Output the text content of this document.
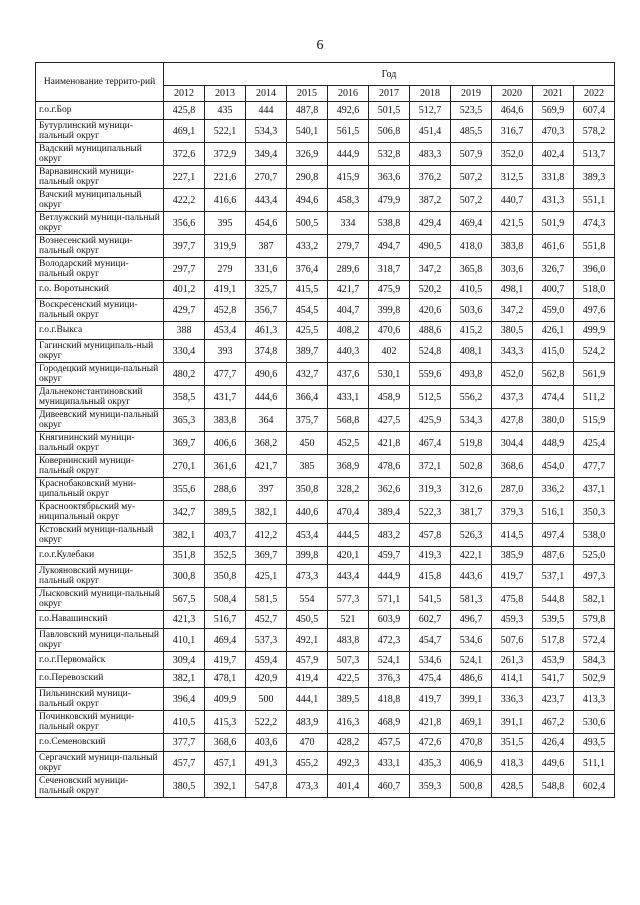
6
Наименование террито-рий	Год										
	2012	2013	2014	2015	2016	2017	2018	2019	2020	2021	2022
г.о.г.Бор	425,8	435	444	487,8	492,6	501,5	512,7	523,5	464,6	569,9	607,4
Бутурлинский муници-пальный округ	469,1	522,1	534,3	540,1	561,5	506,8	451,4	485,5	316,7	470,3	578,2
Вадский муниципальный округ	372,6	372,9	349,4	326,9	444,9	532,8	483,3	507,9	352,0	402,4	513,7
Варнавинский муници-пальный округ	227,1	221,6	270,7	290,8	415,9	363,6	376,2	507,2	312,5	331,8	389,3
Вачский муниципальный округ	422,2	416,6	443,4	494,6	458,3	479,9	387,2	507,2	440,7	431,3	551,1
Ветлужский муници-пальный округ	356,6	395	454,6	500,5	334	538,8	429,4	469,4	421,5	501,9	474,3
Вознесенский муници-пальный округ	397,7	319,9	387	433,2	279,7	494,7	490,5	418,0	383,8	461,6	551,8
Володарский муници-пальный округ	297,7	279	331,6	376,4	289,6	318,7	347,2	365,8	303,6	326,7	396,0
г.о. Воротынский	401,2	419,1	325,7	415,5	421,7	475,9	520,2	410,5	498,1	400,7	518,0
Воскресенский муници-пальный округ	429,7	452,8	356,7	454,5	404,7	399,8	420,6	503,6	347,2	459,0	497,6
г.о.г.Выкса	388	453,4	461,3	425,5	408,2	470,6	488,6	415,2	380,5	426,1	499,9
Гагинский муниципаль-ный округ	330,4	393	374,8	389,7	440,3	402	524,8	408,1	343,3	415,0	524,2
Городецкий муници-пальный округ	480,2	477,7	490,6	432,7	437,6	530,1	559,6	493,8	452,0	562,8	561,9
Дальнеконстантиновский муниципальный округ	358,5	431,7	444,6	366,4	433,1	458,9	512,5	556,2	437,3	474,4	511,2
Дивеевский муници-пальный округ	365,3	383,8	364	375,7	568,8	427,5	425,9	534,3	427,8	380,0	515,9
Княгининский муници-пальный округ	369,7	406,6	368,2	450	452,5	421,8	467,4	519,8	304,4	448,9	425,4
Ковернинский муници-пальный округ	270,1	361,6	421,7	385	368,9	478,6	372,1	502,8	368,6	454,0	477,7
Краснобаковский муни-ципальный округ	355,6	288,6	397	350,8	328,2	362,6	319,3	312,6	287,0	336,2	437,1
Краснооктябрьский му-ниципальный округ	342,7	389,5	382,1	440,6	470,4	389,4	522,3	381,7	379,3	516,1	350,3
Кстовский муници-пальный округ	382,1	403,7	412,2	453,4	444,5	483,2	457,8	526,3	414,5	497,4	538,0
г.о.г.Кулебаки	351,8	352,5	369,7	399,8	420,1	459,7	419,3	422,1	385,9	487,6	525,0
Лукояновский муници-пальный округ	300,8	350,8	425,1	473,3	443,4	444,9	415,8	443,6	419,7	537,1	497,3
Лысковский муници-пальный округ	567,5	508,4	581,5	554	577,3	571,1	541,5	581,3	475,8	544,8	582,1
г.о.Навашинский	421,3	516,7	452,7	450,5	521	603,9	602,7	496,7	459,3	539,5	579,8
Павловский муници-пальный округ	410,1	469,4	537,3	492,1	483,8	472,3	454,7	534,6	507,6	517,8	572,4
г.о.г.Первомайск	309,4	419,7	459,4	457,9	507,3	524,1	534,6	524,1	261,3	453,9	584,3
г.о.Перевозский	382,1	478,1	420,9	419,4	422,5	376,3	475,4	486,6	414,1	541,7	502,9
Пильнинский муници-пальный округ	396,4	409,9	500	444,1	389,5	418,8	419,7	399,1	336,3	423,7	413,3
Починковский муници-пальный округ	410,5	415,3	522,2	483,9	416,3	468,9	421,8	469,1	391,1	467,2	530,6
г.о.Семеновский	377,7	368,6	403,6	470	428,2	457,5	472,6	470,8	351,5	426,4	493,5
Сергачский муници-пальный округ	457,7	457,1	491,3	455,2	492,3	433,1	435,3	406,9	418,3	449,6	511,1
Сеченовский муници-пальный округ	380,5	392,1	547,8	473,3	401,4	460,7	359,3	500,8	428,5	548,8	602,4
